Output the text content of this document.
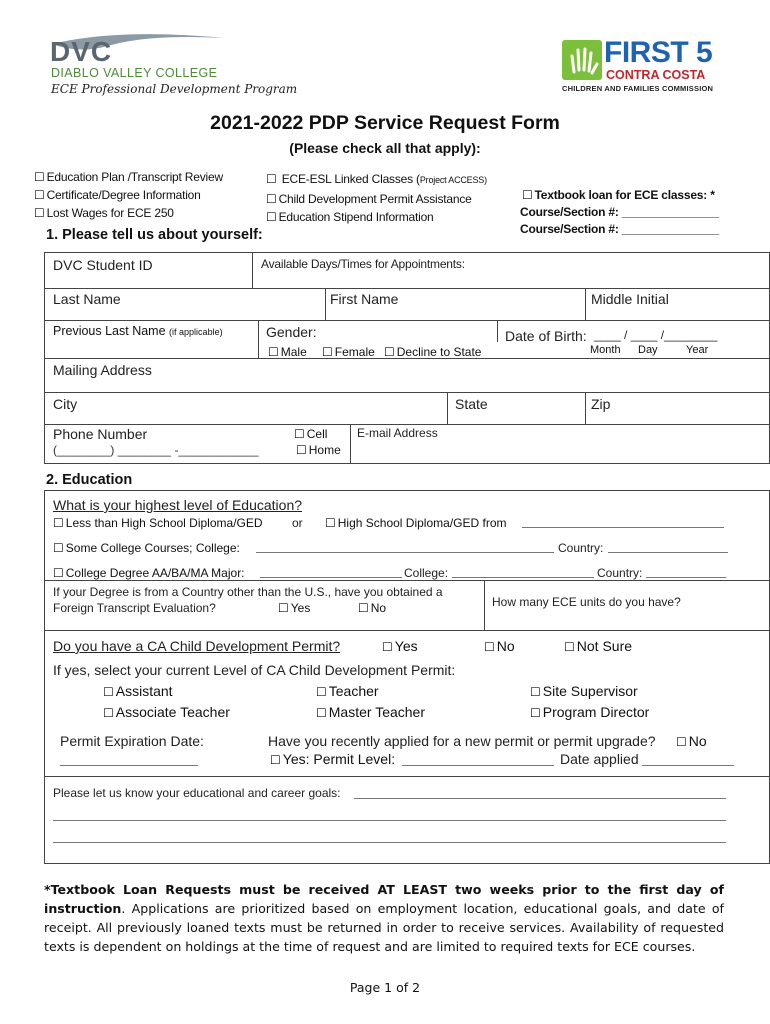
DVC
DIABLO VALLEY COLLEGE
ECE Professional Development Program
FIRST 5
CONTRA COSTA
CHILDREN AND FAMILIES COMMISSION
2021-2022 PDP Service Request Form
(Please check all that apply):
☐ Education Plan /Transcript Review
☐ Certificate/Degree Information
☐ Lost Wages for ECE 250
☐ ECE-ESL Linked Classes (Project ACCESS)
☐ Child Development Permit Assistance
☐ Education Stipend Information
☐ Textbook loan for ECE classes: *
Course/Section #: _______________
Course/Section #: _______________
1. Please tell us about yourself:
DVC Student ID	Available Days/Times for Appointments:
Last Name	First Name	Middle Initial
Previous Last Name (if applicable)	Gender:
☐ Male	☐ Female	☐ Decline to State
Date of Birth: ____ / ____ /________
Month Day	Year
Mailing Address
City	State	Zip
Phone Number
(________) ________ -____________
☐ Cell
☐ Home
E-mail Address
2. Education
What is your highest level of Education?
☐ Less than High School Diploma/GED or	☐ High School Diploma/GED from
☐ Some College Courses; College:	Country:
☐ College Degree AA/BA/MA Major:	College:	Country:
If your Degree is from a Country other than the U.S., have you obtained a
Foreign Transcript Evaluation?	☐ Yes	☐ No	How many ECE units do you have?
Do you have a CA Child Development Permit?	☐ Yes	☐ No	☐ Not Sure
If yes, select your current Level of CA Child Development Permit:
☐ Assistant	☐ Teacher	☐ Site Supervisor
☐ Associate Teacher	☐ Master Teacher	☐ Program Director
Permit Expiration Date:	Have you recently applied for a new permit or permit upgrade?	☐ No
☐ Yes: Permit Level:	Date applied
Please let us know your educational and career goals:
*Textbook Loan Requests must be received AT LEAST two weeks prior to the first day of instruction. Applications are prioritized based on employment location, educational goals, and date of receipt. All previously loaned texts must be returned in order to receive services. Availability of requested texts is dependent on holdings at the time of request and are limited to required texts for ECE courses.
Page 1 of 2
